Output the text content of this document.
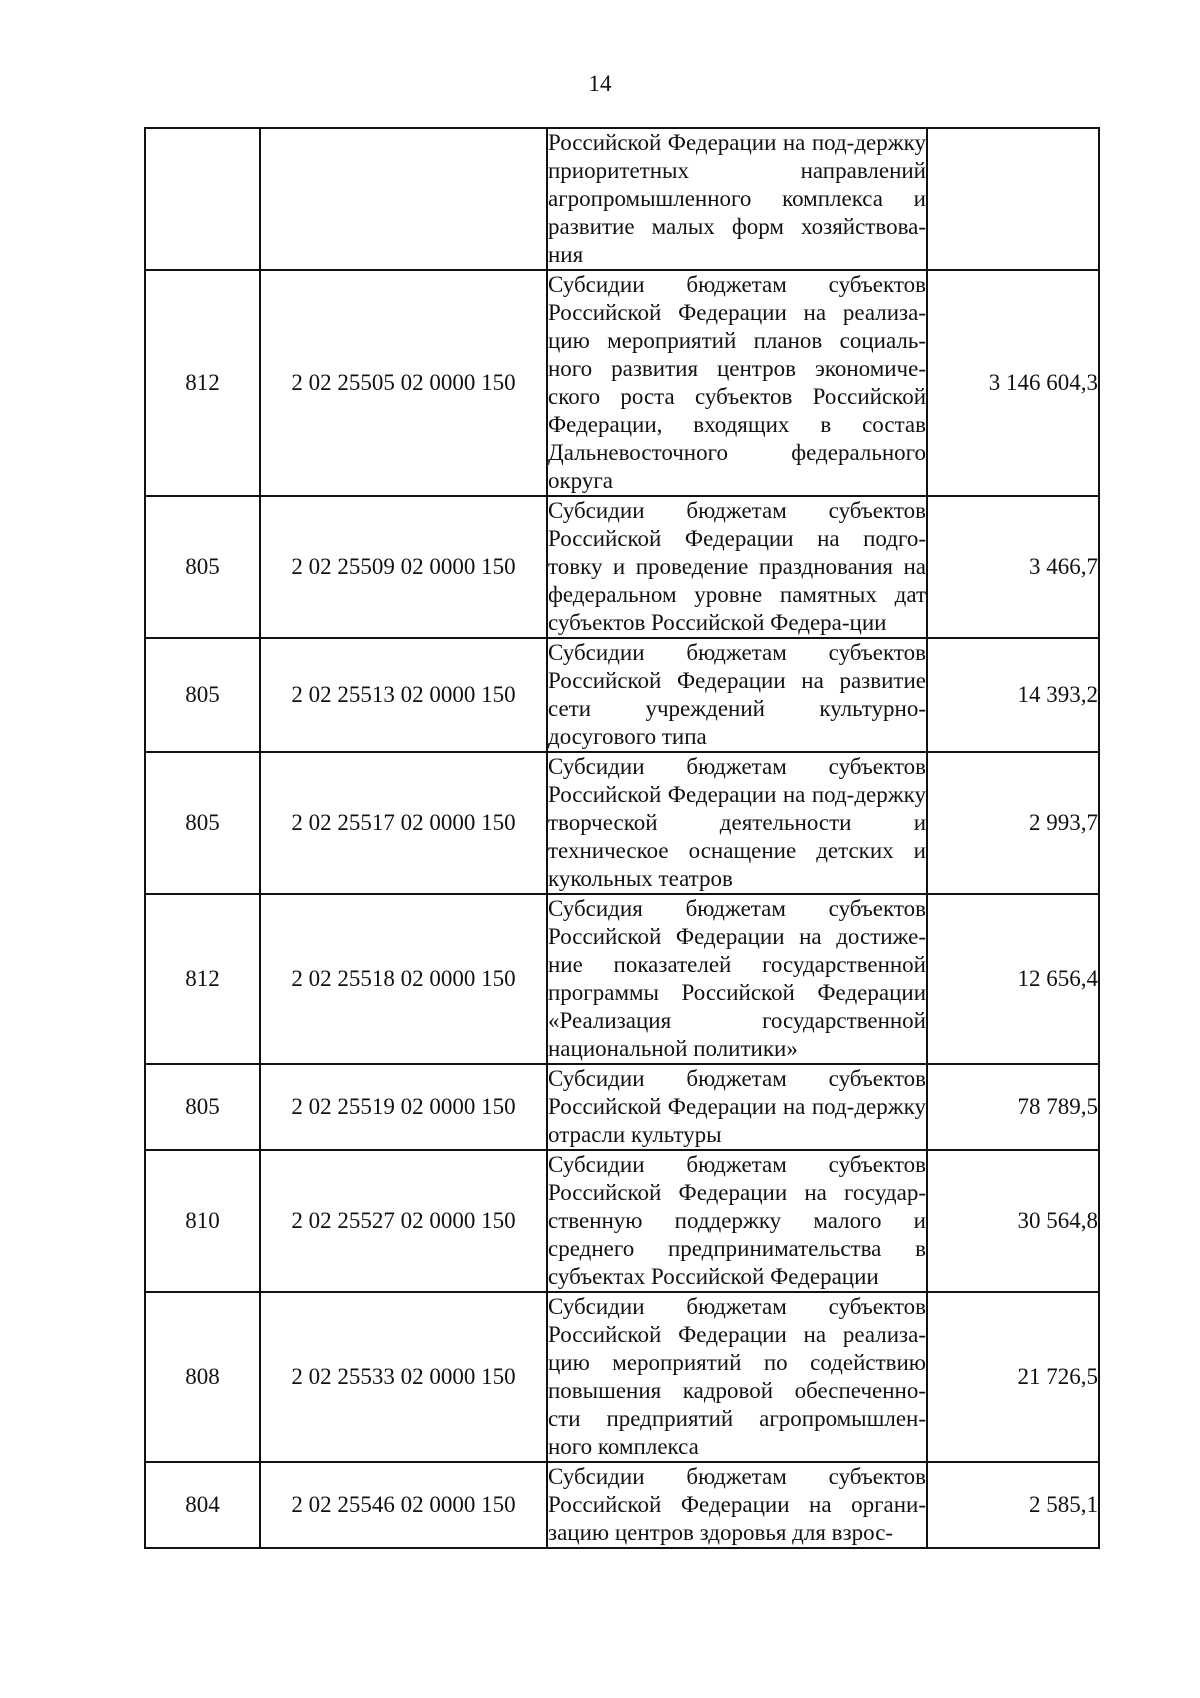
14
		Российской Федерации на под-держку приоритетных направлений агропромышленного комплекса и развитие малых форм хозяйствова-ния	
812	2 02 25505 02 0000 150	Субсидии бюджетам субъектов Российской Федерации на реализа-цию мероприятий планов социаль-ного развития центров экономиче-ского роста субъектов Российской Федерации, входящих в состав Дальневосточного федерального округа	3 146 604,3
805	2 02 25509 02 0000 150	Субсидии бюджетам субъектов Российской Федерации на подго-товку и проведение празднования на федеральном уровне памятных дат субъектов Российской Федера-ции	3 466,7
805	2 02 25513 02 0000 150	Субсидии бюджетам субъектов Российской Федерации на развитие сети учреждений культурно-досугового типа	14 393,2
805	2 02 25517 02 0000 150	Субсидии бюджетам субъектов Российской Федерации на под-держку творческой деятельности и техническое оснащение детских и кукольных театров	2 993,7
812	2 02 25518 02 0000 150	Субсидия бюджетам субъектов Российской Федерации на достиже-ние показателей государственной программы Российской Федерации «Реализация государственной национальной политики»	12 656,4
805	2 02 25519 02 0000 150	Субсидии бюджетам субъектов Российской Федерации на под-держку отрасли культуры	78 789,5
810	2 02 25527 02 0000 150	Субсидии бюджетам субъектов Российской Федерации на государ-ственную поддержку малого и среднего предпринимательства в субъектах Российской Федерации	30 564,8
808	2 02 25533 02 0000 150	Субсидии бюджетам субъектов Российской Федерации на реализа-цию мероприятий по содействию повышения кадровой обеспеченно-сти предприятий агропромышлен-ного комплекса	21 726,5
804	2 02 25546 02 0000 150	Субсидии бюджетам субъектов Российской Федерации на органи-зацию центров здоровья для взрос-	2 585,1
